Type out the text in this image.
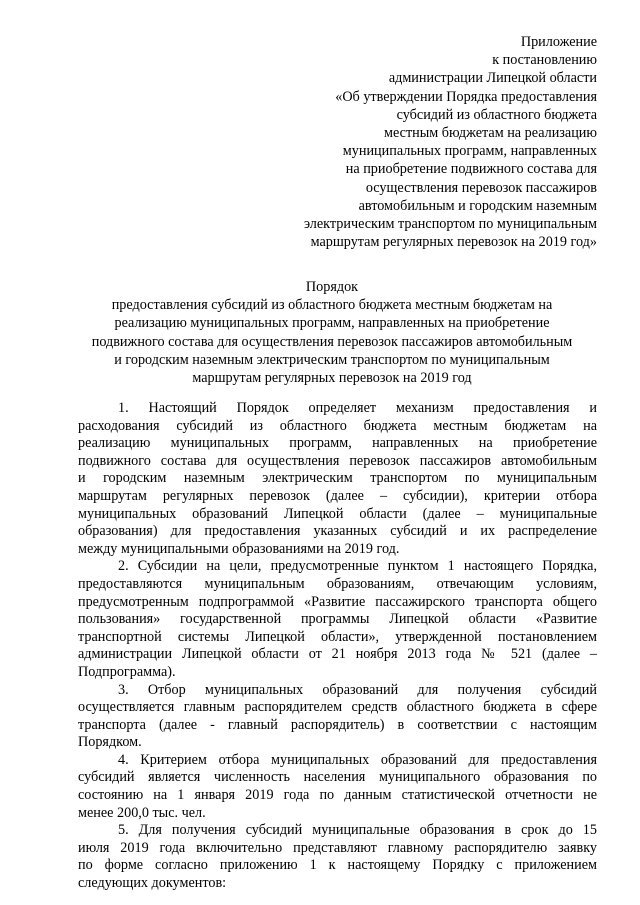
Приложение
к постановлению
администрации Липецкой области
«Об утверждении Порядка предоставления
субсидий из областного бюджета
местным бюджетам на реализацию
муниципальных программ, направленных
на приобретение подвижного состава для
осуществления перевозок пассажиров
автомобильным и городским наземным
электрическим транспортом по муниципальным
маршрутам регулярных перевозок на 2019 год»
Порядок
предоставления субсидий из областного бюджета местным бюджетам на
реализацию муниципальных программ, направленных на приобретение
подвижного состава для осуществления перевозок пассажиров автомобильным
и городским наземным электрическим транспортом по муниципальным
маршрутам регулярных перевозок на 2019 год
1. Настоящий Порядок определяет механизм предоставления и
расходования субсидий из областного бюджета местным бюджетам на
реализацию муниципальных программ, направленных на приобретение
подвижного состава для осуществления перевозок пассажиров автомобильным
и городским наземным электрическим транспортом по муниципальным
маршрутам регулярных перевозок (далее – субсидии), критерии отбора
муниципальных образований Липецкой области (далее – муниципальные
образования) для предоставления указанных субсидий и их распределение
между муниципальными образованиями на 2019 год.
2. Субсидии на цели, предусмотренные пунктом 1 настоящего Порядка,
предоставляются муниципальным образованиям, отвечающим условиям,
предусмотренным подпрограммой «Развитие пассажирского транспорта общего
пользования» государственной программы Липецкой области «Развитие
транспортной системы Липецкой области», утвержденной постановлением
администрации Липецкой области от 21 ноября 2013 года № 521 (далее –
Подпрограмма).
3. Отбор муниципальных образований для получения субсидий
осуществляется главным распорядителем средств областного бюджета в сфере
транспорта (далее - главный распорядитель) в соответствии с настоящим
Порядком.
4. Критерием отбора муниципальных образований для предоставления
субсидий является численность населения муниципального образования по
состоянию на 1 января 2019 года по данным статистической отчетности не
менее 200,0 тыс. чел.
5. Для получения субсидий муниципальные образования в срок до 15
июля 2019 года включительно представляют главному распорядителю заявку
по форме согласно приложению 1 к настоящему Порядку с приложением
следующих документов:
